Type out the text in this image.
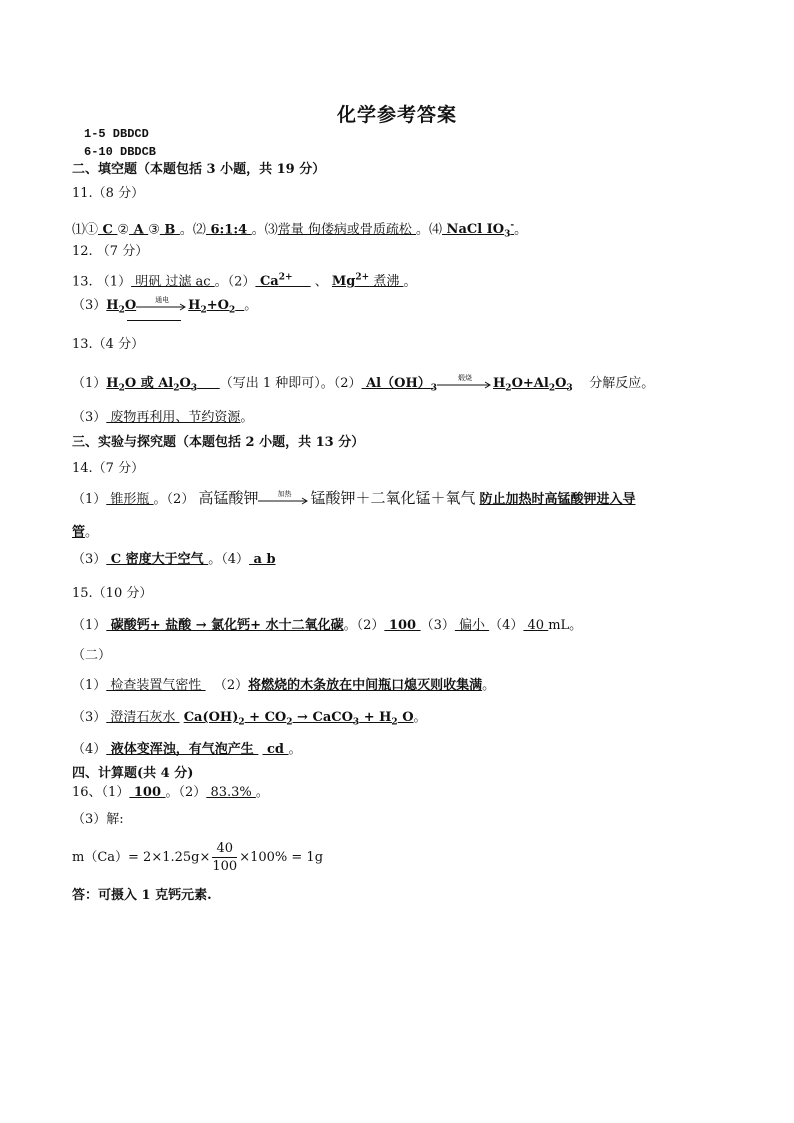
化学参考答案
1-5 DBDCD
6-10 DBDCB
二、填空题（本题包括 3 小题，共 19 分）
11.（8 分）
⑴① C ② A ③ B 。⑵ 6:1:4 。⑶常量 佝偻病或骨质疏松 。⑷ NaCl $IO_3^-$。
12. （7 分）
13. （1） 明矾 过滤 ac 。（2） $Ca^{2+}$     、 $Mg^{2+}$ 煮沸 。
$(3)H_2O$	通电	$H_2+O_2$ 。
13.（4 分）
$(1)H_2O$ 或 $Al_2O_3$ （写出 1 种即可）。（2） $Al(OH)_3$
煅烧	$H_2O+Al_2O_3$ 分解反应。
（3） 废物再利用、节约资源。
三、实验与探究题（本题包括 2 小题，共 13 分）
14.（7 分）
（1） 锥形瓶 。（2） 高锰酸钾	加热	锰酸钾＋二氧化锰＋氧气 防止加热时高锰酸钾进入导
管。
（3） C 密度大于空气 。（4） a b
15.（10 分）
（1） 碳酸钙+ 盐酸 → 氯化钙+ 水十二氧化碳。（2） 100 （3） 偏小 （4） 40 mL。
（二）
（1） 检查装置气密性   （2）将燃烧的木条放在中间瓶口熄灭则收集满。
（3） 澄清石灰水  $Ca(OH)_2 + CO_2$ → CaCO$_3$ + $H_2$ O。
（4） 液体变浑浊，有气泡产生   cd 。
四、计算题(共 4 分)
16、（1） 100 。（2） 83.3% 。
（3）解:
$m(Ca)= 2\times 1.25g\times \frac{40}{100} \times 100\% = 1g$
答：可摄入 1 克钙元素.
